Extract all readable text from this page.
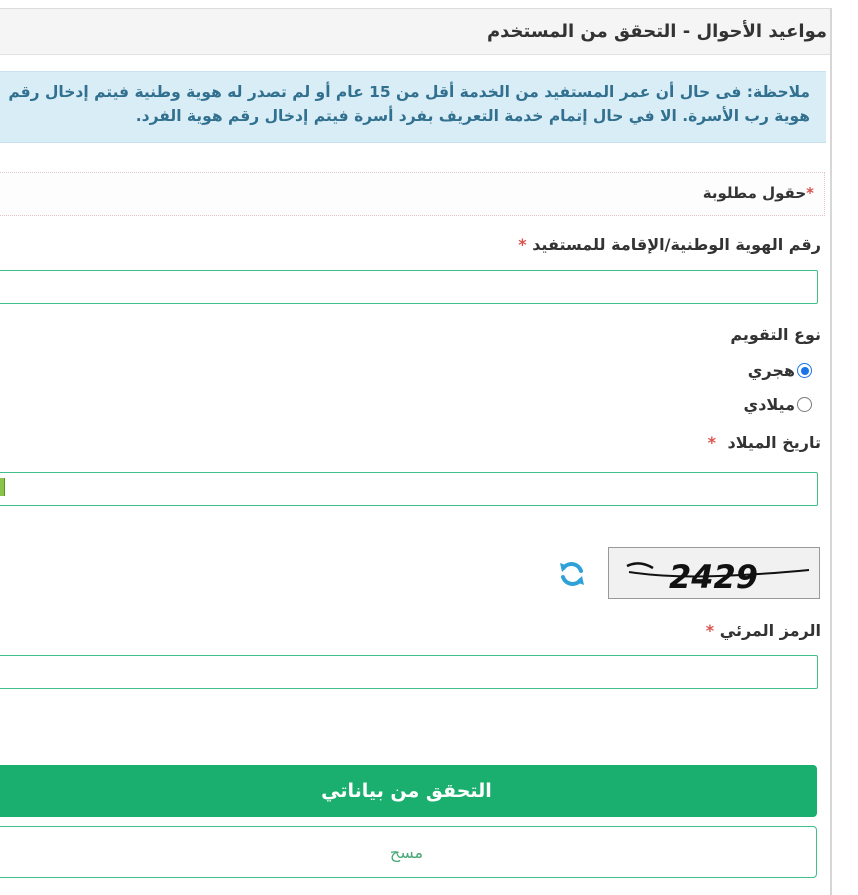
مواعيد الأحوال - التحقق من المستخدم
ملاحظة: فى حال أن عمر المستفيد من الخدمة أقل من 15 عام أو لم تصدر له هوية وطنية فيتم إدخال رقم
هوية رب الأسرة. الا في حال إتمام خدمة التعريف بفرد أسرة فيتم إدخال رقم هوية الفرد.
*حقول مطلوبة
رقم الهوية الوطنية/الإقامة للمستفيد *
نوع التقويم
هجري
ميلادي
تاريخ الميلاد *
2429
الرمز المرئي *
التحقق من بياناتي
مسح
